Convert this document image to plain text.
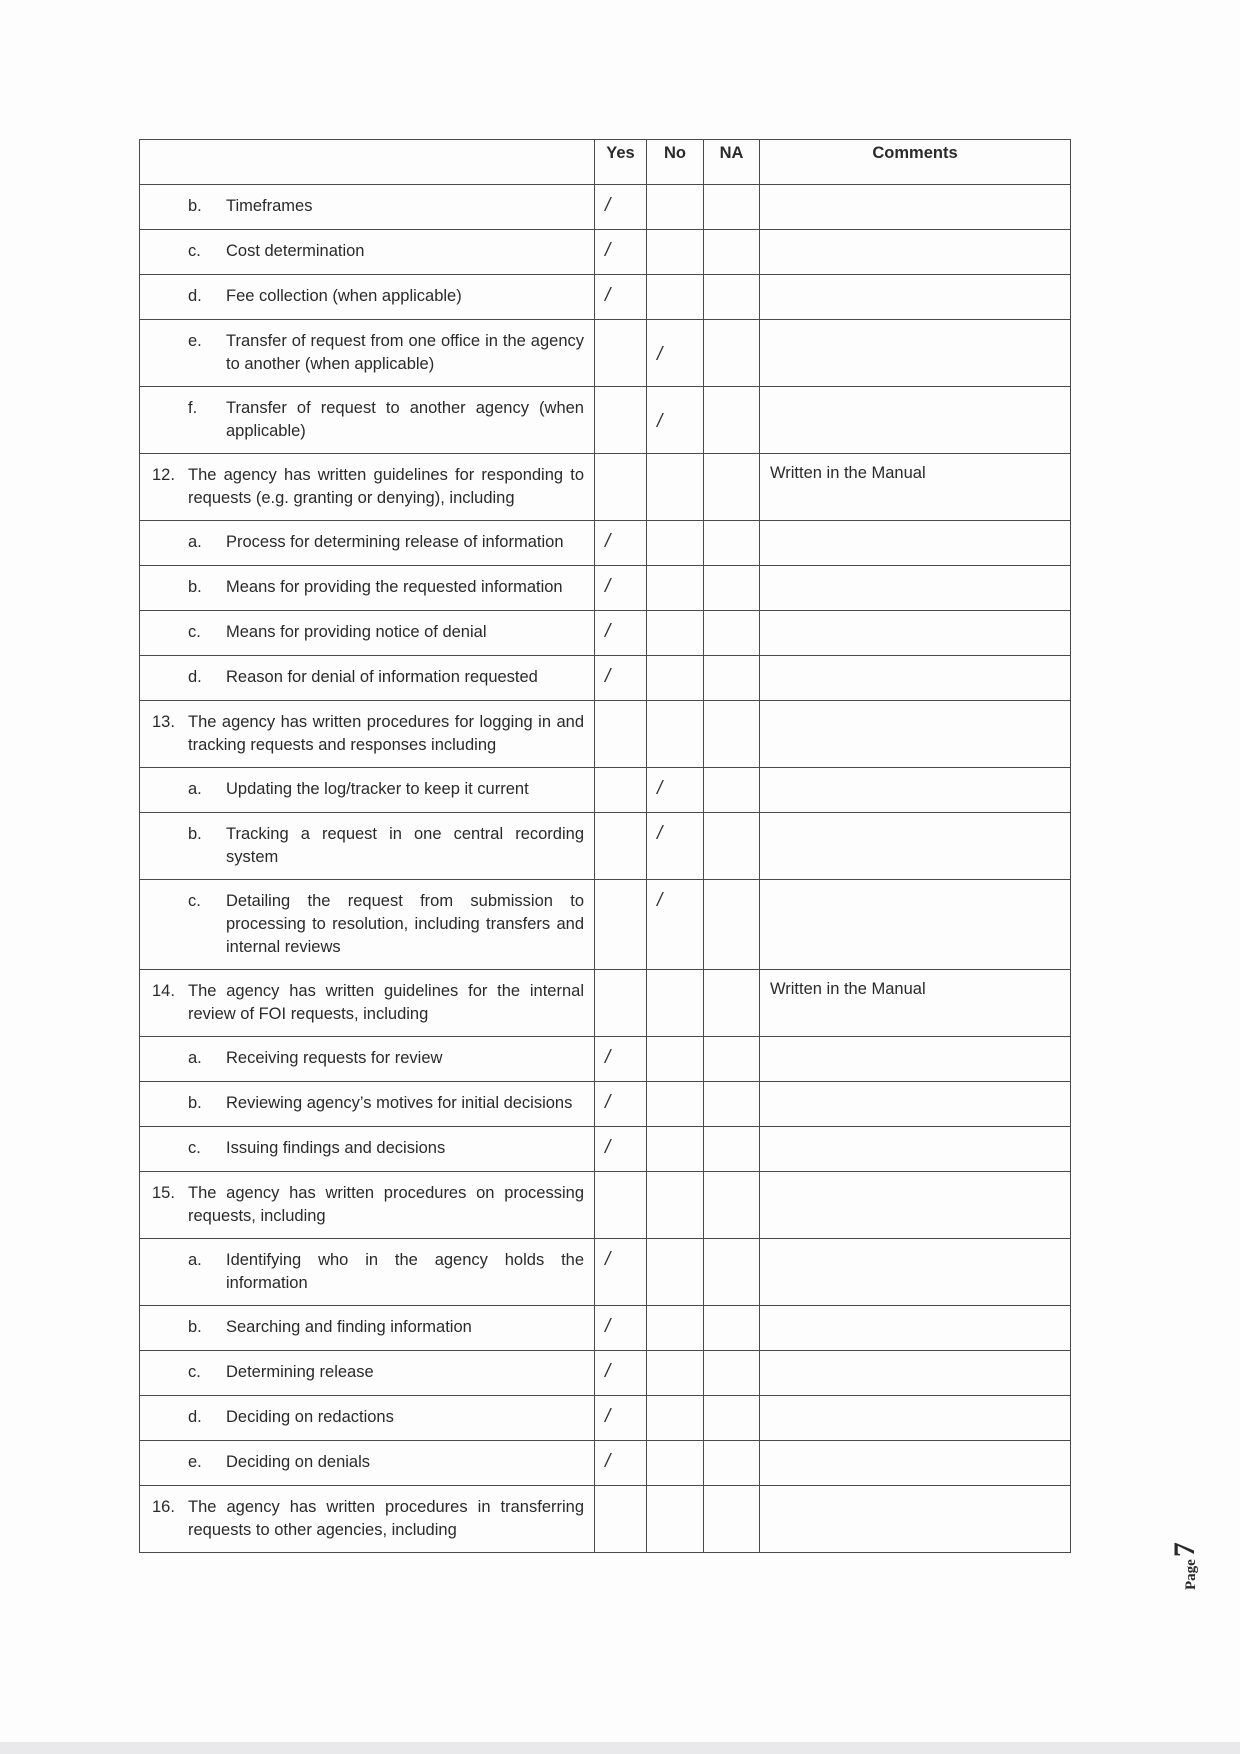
	Yes	No	NA	Comments

b. Timeframes	/			

c. Cost determination	/			

d. Fee collection (when applicable)	/			

e. Transfer of request from one office in the agency to another (when applicable)		/		

f. Transfer of request to another agency (when applicable)		/		

12. The agency has written guidelines for responding to requests (e.g. granting or denying), including				Written in the Manual

a. Process for determining release of information	/			

b. Means for providing the requested information	/			

c. Means for providing notice of denial	/			

d. Reason for denial of information requested	/			

13. The agency has written procedures for logging in and tracking requests and responses including				

a. Updating the log/tracker to keep it current		/		

b. Tracking a request in one central recording system		/		

c. Detailing the request from submission to processing to resolution, including transfers and internal reviews		/		

14. The agency has written guidelines for the internal review of FOI requests, including				Written in the Manual

a. Receiving requests for review	/			

b. Reviewing agency’s motives for initial decisions	/			

c. Issuing findings and decisions	/			

15. The agency has written procedures on processing requests, including				

a. Identifying who in the agency holds the information	/			

b. Searching and finding information	/			

c. Determining release	/			

d. Deciding on redactions	/			

e. Deciding on denials	/			

16. The agency has written procedures in transferring requests to other agencies, including				

Page
7
